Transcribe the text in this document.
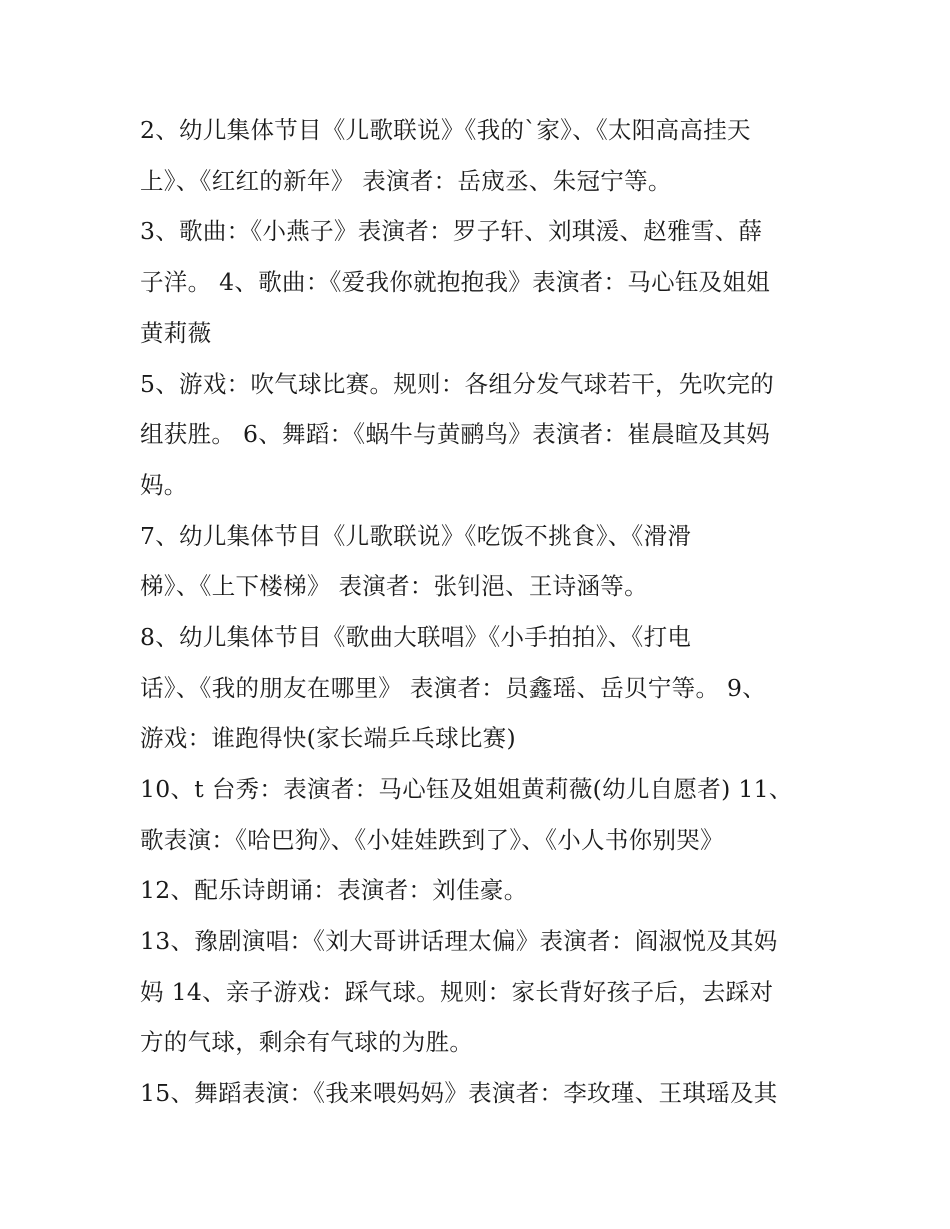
2、幼儿集体节目《儿歌联说》《我的`家》、《太阳高高挂天
上》、《红红的新年》 表演者：岳宬丞、朱冠宁等。
3、歌曲：《小燕子》表演者：罗子轩、刘琪湲、赵雅雪、薛
子洋。 4、歌曲：《爱我你就抱抱我》表演者：马心钰及姐姐
黄莉薇
5、游戏：吹气球比赛。规则：各组分发气球若干，先吹完的
组获胜。 6、舞蹈：《蜗牛与黄鹂鸟》表演者：崔晨暄及其妈
妈。
7、幼儿集体节目《儿歌联说》《吃饭不挑食》、《滑滑
梯》、《上下楼梯》 表演者：张钊浥、王诗涵等。
8、幼儿集体节目《歌曲大联唱》《小手拍拍》、《打电
话》、《我的朋友在哪里》 表演者：员鑫瑶、岳贝宁等。 9、
游戏：谁跑得快(家长端乒乓球比赛)
10、t 台秀：表演者：马心钰及姐姐黄莉薇(幼儿自愿者) 11、
歌表演：《哈巴狗》、《小娃娃跌到了》、《小人书你别哭》
12、配乐诗朗诵：表演者：刘佳豪。
13、豫剧演唱：《刘大哥讲话理太偏》表演者：阎淑悦及其妈
妈 14、亲子游戏：踩气球。规则：家长背好孩子后，去踩对
方的气球，剩余有气球的为胜。
15、舞蹈表演：《我来喂妈妈》表演者：李玫瑾、王琪瑶及其
